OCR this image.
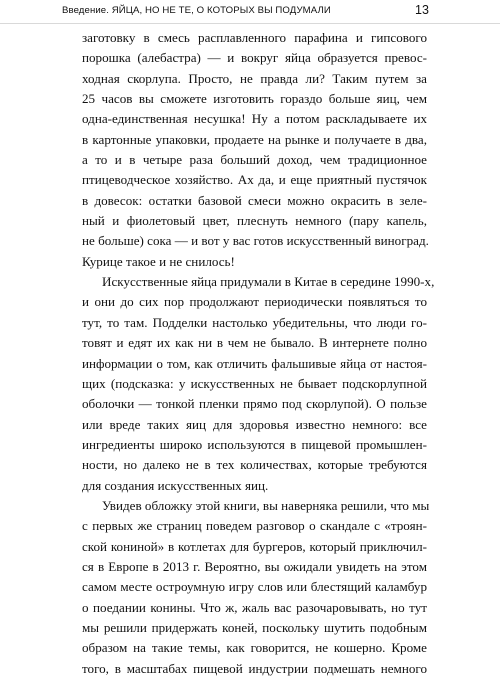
Введение. ЯЙЦА, НО НЕ ТЕ, О КОТОРЫХ ВЫ ПОДУМАЛИ	13
заготовку в смесь расплавленного парафина и гипсового
порошка (алебастра) — и вокруг яйца образуется превос-
ходная скорлупа. Просто, не правда ли? Таким путем за
25 часов вы сможете изготовить гораздо больше яиц, чем
одна-единственная несушка! Ну а потом раскладываете их
в картонные упаковки, продаете на рынке и получаете в два,
а то и в четыре раза больший доход, чем традиционное
птицеводческое хозяйство. Ах да, и еще приятный пустячок
в довесок: остатки базовой смеси можно окрасить в зеле-
ный и фиолетовый цвет, плеснуть немного (пару капель,
не больше) сока — и вот у вас готов искусственный виноград.
Курице такое и не снилось!
Искусственные яйца придумали в Китае в середине 1990-х,
и они до сих пор продолжают периодически появляться то
тут, то там. Подделки настолько убедительны, что люди го-
товят и едят их как ни в чем не бывало. В интернете полно
информации о том, как отличить фальшивые яйца от настоя-
щих (подсказка: у искусственных не бывает подскорлупной
оболочки — тонкой пленки прямо под скорлупой). О пользе
или вреде таких яиц для здоровья известно немного: все
ингредиенты широко используются в пищевой промышлен-
ности, но далеко не в тех количествах, которые требуются
для создания искусственных яиц.
Увидев обложку этой книги, вы наверняка решили, что мы
с первых же страниц поведем разговор о скандале с «троян-
ской кониной» в котлетах для бургеров, который приключил-
ся в Европе в 2013 г. Вероятно, вы ожидали увидеть на этом
самом месте остроумную игру слов или блестящий каламбур
о поедании конины. Что ж, жаль вас разочаровывать, но тут
мы решили придержать коней, поскольку шутить подобным
образом на такие темы, как говорится, не кошерно. Кроме
того, в масштабах пищевой индустрии подмешать немного
